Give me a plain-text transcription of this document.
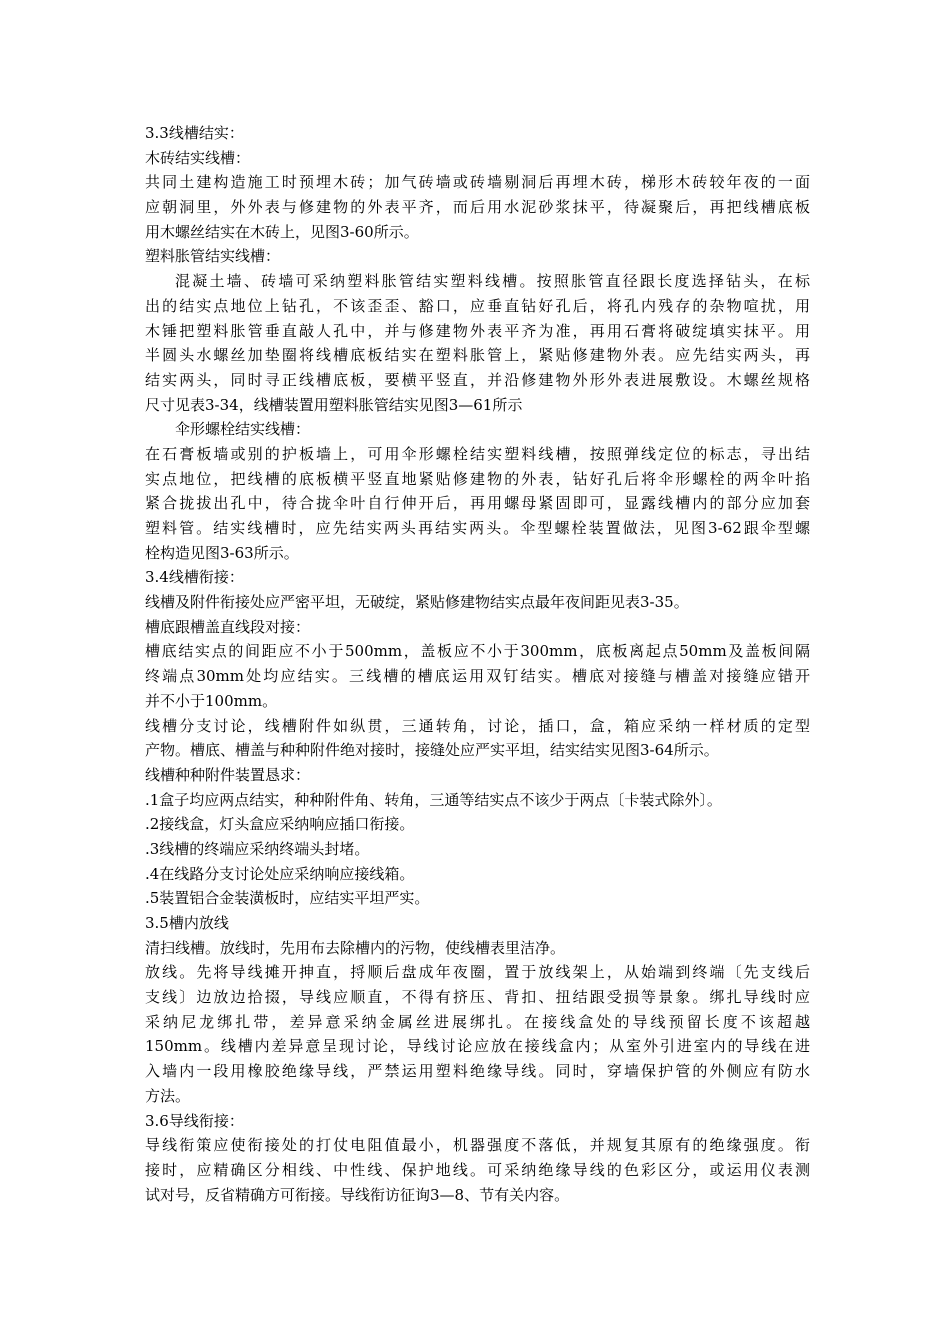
3.3线槽结实：
木砖结实线槽：
共同土建构造施工时预埋木砖；加气砖墙或砖墙剔洞后再埋木砖，梯形木砖较年夜的一面
应朝洞里，外外表与修建物的外表平齐，而后用水泥砂浆抹平，待凝聚后，再把线槽底板
用木螺丝结实在木砖上，见图3-60所示。
塑料胀管结实线槽：
混凝土墙、砖墙可采纳塑料胀管结实塑料线槽。按照胀管直径跟长度选择钻头，在标
出的结实点地位上钻孔，不该歪歪、豁口，应垂直钻好孔后，将孔内残存的杂物喧扰，用
木锤把塑料胀管垂直敲人孔中，并与修建物外表平齐为准，再用石膏将破绽填实抹平。用
半圆头水螺丝加垫圈将线槽底板结实在塑料胀管上，紧贴修建物外表。应先结实两头，再
结实两头，同时寻正线槽底板，要横平竖直，并沿修建物外形外表进展敷设。木螺丝规格
尺寸见表3-34，线槽装置用塑料胀管结实见图3—61所示
伞形螺栓结实线槽：
在石膏板墙或别的护板墙上，可用伞形螺栓结实塑料线槽，按照弹线定位的标志，寻出结
实点地位，把线槽的底板横平竖直地紧贴修建物的外表，钻好孔后将伞形螺栓的两伞叶掐
紧合拢拔出孔中，待合拢伞叶自行伸开后，再用螺母紧固即可，显露线槽内的部分应加套
塑料管。结实线槽时，应先结实两头再结实两头。伞型螺栓装置做法，见图3-62跟伞型螺
栓构造见图3-63所示。
3.4线槽衔接：
线槽及附件衔接处应严密平坦，无破绽，紧贴修建物结实点最年夜间距见表3-35。
槽底跟槽盖直线段对接：
槽底结实点的间距应不小于500mm，盖板应不小于300mm，底板离起点50mm及盖板间隔
终端点30mm处均应结实。三线槽的槽底运用双钉结实。槽底对接缝与槽盖对接缝应错开
并不小于100mm。
线槽分支讨论，线槽附件如纵贯，三通转角，讨论，插口，盒，箱应采纳一样材质的定型
产物。槽底、槽盖与种种附件绝对接时，接缝处应严实平坦，结实结实见图3-64所示。
线槽种种附件装置恳求：
.1盒子均应两点结实，种种附件角、转角，三通等结实点不该少于两点〔卡装式除外〕。
.2接线盒，灯头盒应采纳响应插口衔接。
.3线槽的终端应采纳终端头封堵。
.4在线路分支讨论处应采纳响应接线箱。
.5装置铝合金装潢板时，应结实平坦严实。
3.5槽内放线
清扫线槽。放线时，先用布去除槽内的污物，使线槽表里洁净。
放线。先将导线摊开抻直，捋顺后盘成年夜圈，置于放线架上，从始端到终端〔先支线后
支线〕边放边拾掇，导线应顺直，不得有挤压、背扣、扭结跟受损等景象。绑扎导线时应
采纳尼龙绑扎带，差异意采纳金属丝进展绑扎。在接线盒处的导线预留长度不该超越
150mm。线槽内差异意呈现讨论，导线讨论应放在接线盒内；从室外引进室内的导线在进
入墙内一段用橡胶绝缘导线，严禁运用塑料绝缘导线。同时，穿墙保护管的外侧应有防水
方法。
3.6导线衔接：
导线衔策应使衔接处的打仗电阻值最小，机器强度不落低，并规复其原有的绝缘强度。衔
接时，应精确区分相线、中性线、保护地线。可采纳绝缘导线的色彩区分，或运用仪表测
试对号，反省精确方可衔接。导线衔访征询3—8、节有关内容。
